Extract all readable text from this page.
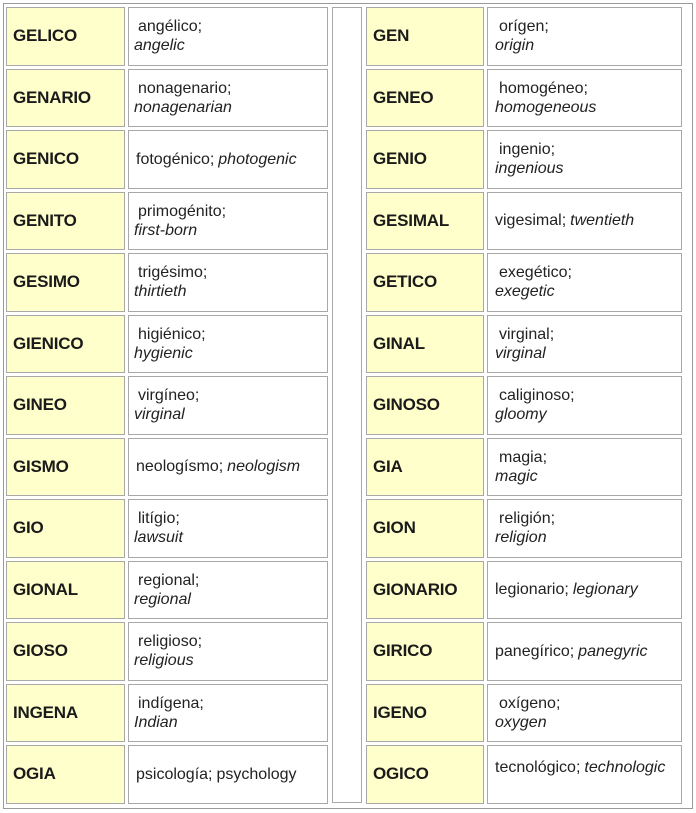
GELICO	angélico;
angelic
GENARIO	nonagenario;
nonagenarian
GENICO	fotogénico; photogenic
GENITO	primogénito;
first-born
GESIMO	trigésimo;
thirtieth
GIENICO	higiénico;
hygienic
GINEO	virgíneo;
virginal
GISMO	neologísmo; neologism
GIO	litígio;
lawsuit
GIONAL	regional;
regional
GIOSO	religioso;
religious
INGENA	indígena;
Indian
OGIA	psicología; psychology
GEN	orígen;
origin
GENEO	homogéneo;
homogeneous
GENIO	ingenio;
ingenious
GESIMAL	vigesimal; twentieth
GETICO	exegético;
exegetic
GINAL	virginal;
virginal
GINOSO	caliginoso;
gloomy
GIA	magia;
magic
GION	religión;
religion
GIONARIO	legionario; legionary
GIRICO	panegírico; panegyric
IGENO	oxígeno;
oxygen
OGICO	tecnológico; technologic
